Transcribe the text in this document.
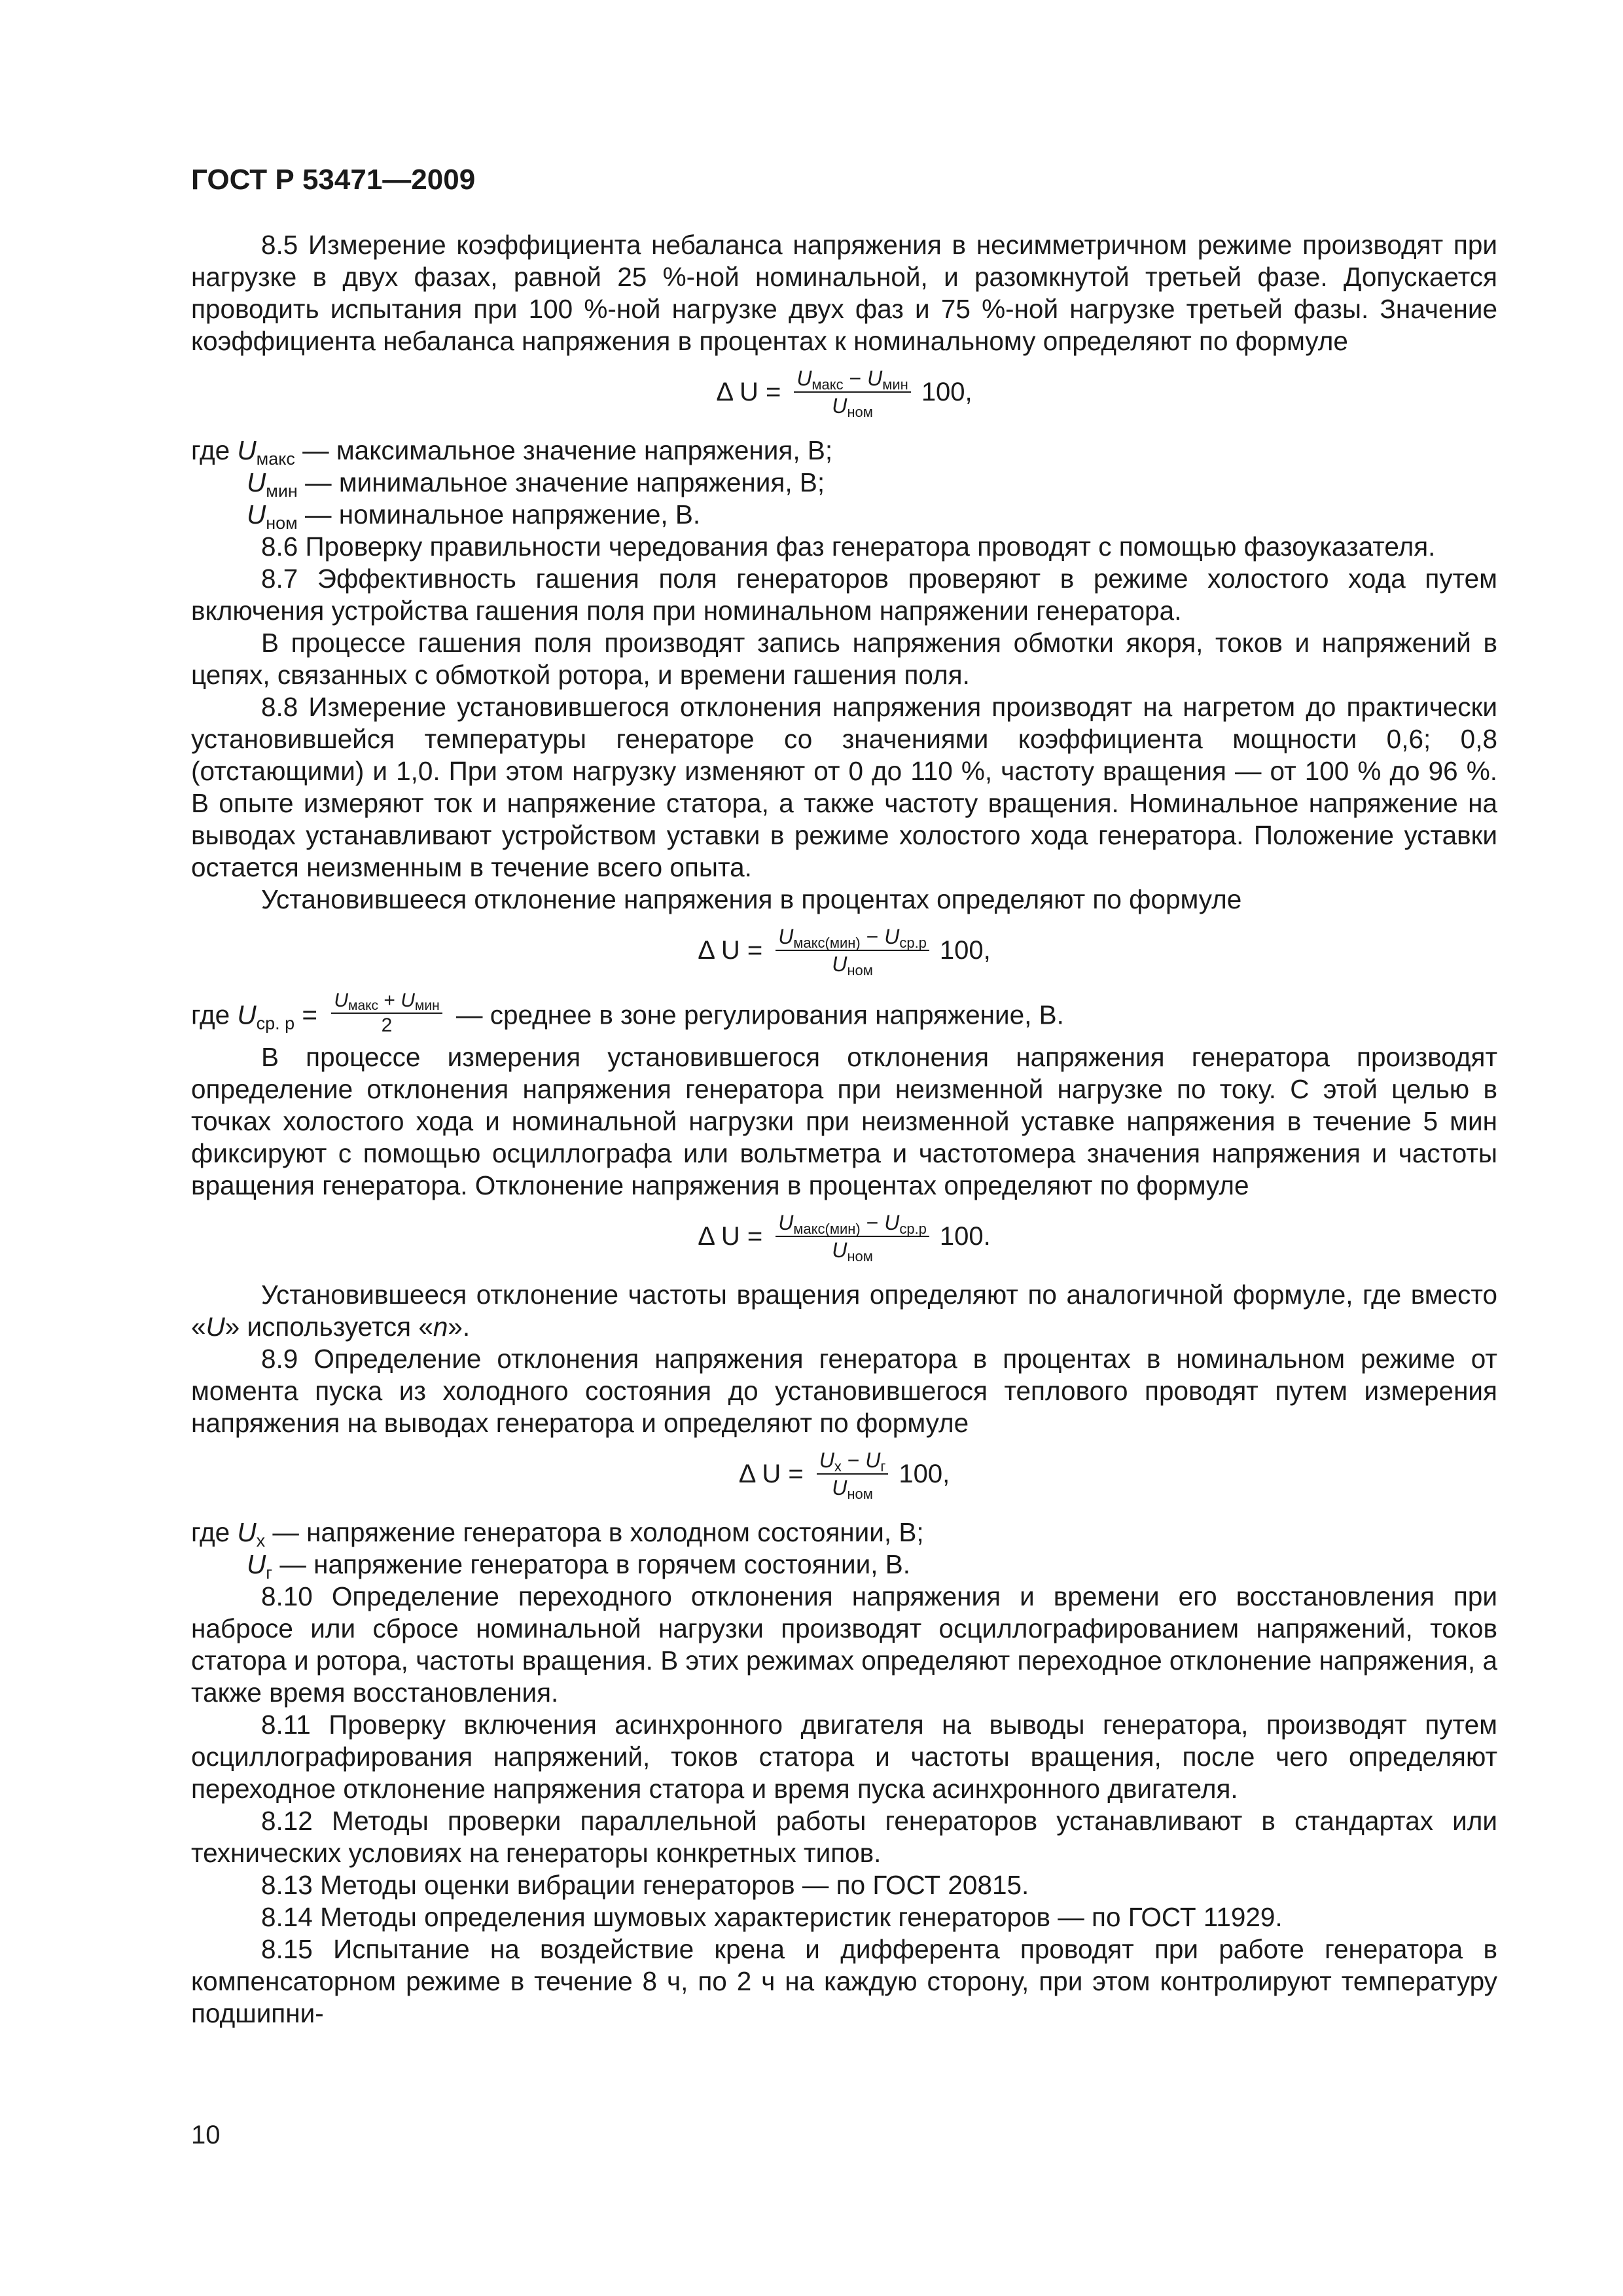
ГОСТ Р 53471—2009

8.5 Измерение коэффициента небаланса напряжения в несимметричном режиме производят при нагрузке в двух фазах, равной 25 %-ной номинальной, и разомкнутой третьей фазе. Допускается проводить испытания при 100 %-ной нагрузке двух фаз и 75 %-ной нагрузке третьей фазы. Значение коэффициента небаланса напряжения в процентах к номинальному определяют по формуле

Δ $U = \frac{U_{макс} - U_{мин}}{U_{ном}} 100$,

где $U_{макс}$ — максимальное значение напряжения, В;

$U_{мин}$ — минимальное значение напряжения, В;

$U_{ном}$ — номинальное напряжение, В.

8.6 Проверку правильности чередования фаз генератора проводят с помощью фазоуказателя.

8.7 Эффективность гашения поля генераторов проверяют в режиме холостого хода путем включения устройства гашения поля при номинальном напряжении генератора.

В процессе гашения поля производят запись напряжения обмотки якоря, токов и напряжений в цепях, связанных с обмоткой ротора, и времени гашения поля.

8.8 Измерение установившегося отклонения напряжения производят на нагретом до практически установившейся температуры генераторе со значениями коэффициента мощности 0,6; 0,8 (отстающими) и 1,0. При этом нагрузку изменяют от 0 до 110 %, частоту вращения — от 100 % до 96 %. В опыте измеряют ток и напряжение статора, а также частоту вращения. Номинальное напряжение на выводах устанавливают устройством уставки в режиме холостого хода генератора. Положение уставки остается неизменным в течение всего опыта.

Установившееся отклонение напряжения в процентах определяют по формуле

Δ $U = \frac{U_{макс(мин)} - U_{ср.р}}{U_{ном}} 100$,

где $U_{ср. р} = \frac{U_{макс} + U_{мин}}{2}$ — среднее в зоне регулирования напряжение, В.

В процессе измерения установившегося отклонения напряжения генератора производят определение отклонения напряжения генератора при неизменной нагрузке по току. С этой целью в точках холостого хода и номинальной нагрузки при неизменной уставке напряжения в течение 5 мин фиксируют с помощью осциллографа или вольтметра и частотомера значения напряжения и частоты вращения генератора. Отклонение напряжения в процентах определяют по формуле

Δ $U = \frac{U_{макс(мин)} - U_{ср.р}}{U_{ном}} 100$.

Установившееся отклонение частоты вращения определяют по аналогичной формуле, где вместо «U» используется «n».

8.9 Определение отклонения напряжения генератора в процентах в номинальном режиме от момента пуска из холодного состояния до установившегося теплового проводят путем измерения напряжения на выводах генератора и определяют по формуле

Δ $U = \frac{U_х - U_г}{U_{ном}} 100$,

где $U_х$ — напряжение генератора в холодном состоянии, В;

$U_г$ — напряжение генератора в горячем состоянии, В.

8.10 Определение переходного отклонения напряжения и времени его восстановления при набросе или сбросе номинальной нагрузки производят осциллографированием напряжений, токов статора и ротора, частоты вращения. В этих режимах определяют переходное отклонение напряжения, а также время восстановления.

8.11 Проверку включения асинхронного двигателя на выводы генератора, производят путем осциллографирования напряжений, токов статора и частоты вращения, после чего определяют переходное отклонение напряжения статора и время пуска асинхронного двигателя.

8.12 Методы проверки параллельной работы генераторов устанавливают в стандартах или технических условиях на генераторы конкретных типов.

8.13 Методы оценки вибрации генераторов — по ГОСТ 20815.

8.14 Методы определения шумовых характеристик генераторов — по ГОСТ 11929.

8.15 Испытание на воздействие крена и дифферента проводят при работе генератора в компенсаторном режиме в течение 8 ч, по 2 ч на каждую сторону, при этом контролируют температуру подшипни-

10
